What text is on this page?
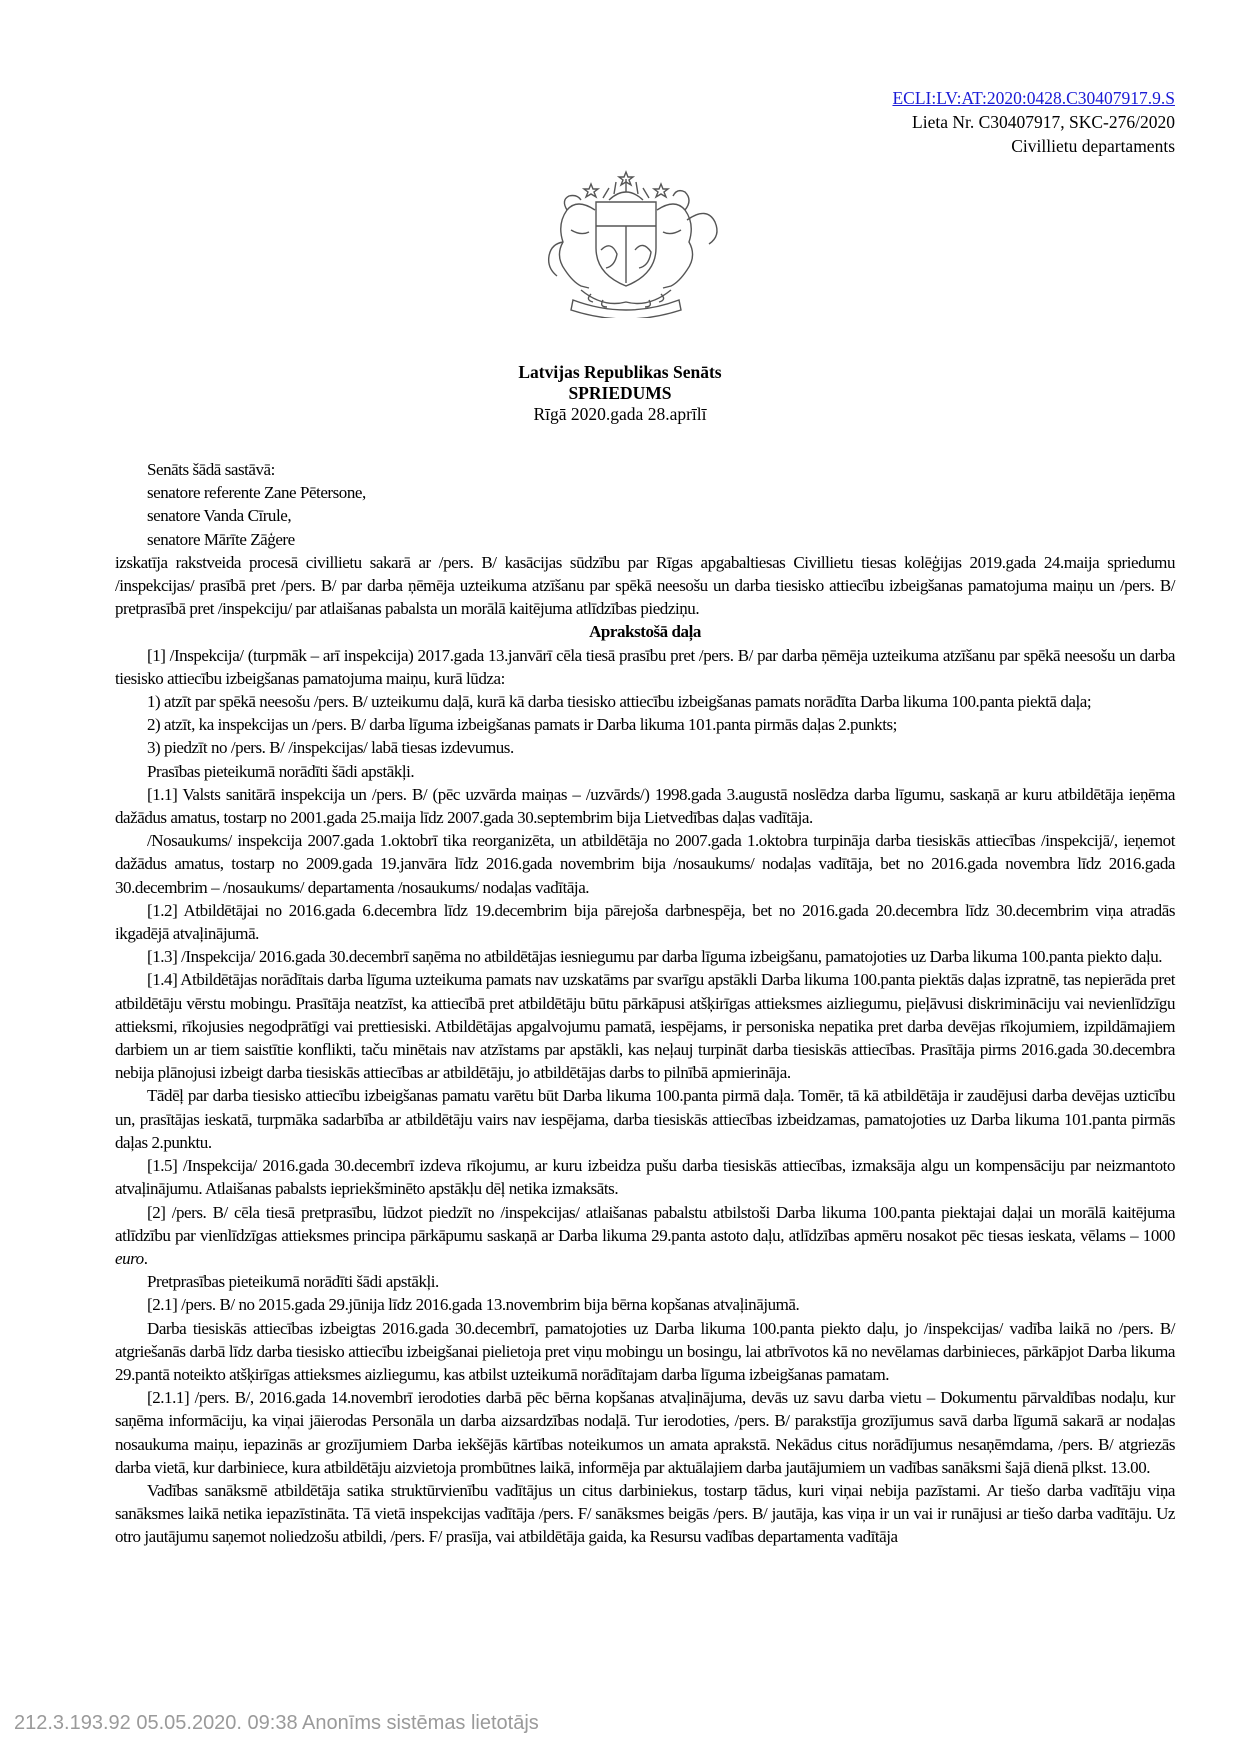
ECLI:LV:AT:2020:0428.C30407917.9.S
Lieta Nr. C30407917, SKC-276/2020
Civillietu departaments
Latvijas Republikas Senāts
SPRIEDUMS
Rīgā 2020.gada 28.aprīlī

Senāts šādā sastāvā:

senatore referente Zane Pētersone,

senatore Vanda Cīrule,

senatore Mārīte Zāģere

izskatīja rakstveida procesā civillietu sakarā ar /pers. B/ kasācijas sūdzību par Rīgas apgabaltiesas Civillietu tiesas kolēģijas 2019.gada 24.maija spriedumu /inspekcijas/ prasībā pret /pers. B/ par darba ņēmēja uzteikuma atzīšanu par spēkā neesošu un darba tiesisko attiecību izbeigšanas pamatojuma maiņu un /pers. B/ pretprasībā pret /inspekciju/ par atlaišanas pabalsta un morālā kaitējuma atlīdzības piedziņu.

Aprakstošā daļa

[1] /Inspekcija/ (turpmāk – arī inspekcija) 2017.gada 13.janvārī cēla tiesā prasību pret /pers. B/ par darba ņēmēja uzteikuma atzīšanu par spēkā neesošu un darba tiesisko attiecību izbeigšanas pamatojuma maiņu, kurā lūdza:

1) atzīt par spēkā neesošu /pers. B/ uzteikumu daļā, kurā kā darba tiesisko attiecību izbeigšanas pamats norādīta Darba likuma 100.panta piektā daļa;

2) atzīt, ka inspekcijas un /pers. B/ darba līguma izbeigšanas pamats ir Darba likuma 101.panta pirmās daļas 2.punkts;

3) piedzīt no /pers. B/ /inspekcijas/ labā tiesas izdevumus.

Prasības pieteikumā norādīti šādi apstākļi.

[1.1] Valsts sanitārā inspekcija un /pers. B/ (pēc uzvārda maiņas – /uzvārds/) 1998.gada 3.augustā noslēdza darba līgumu, saskaņā ar kuru atbildētāja ieņēma dažādus amatus, tostarp no 2001.gada 25.maija līdz 2007.gada 30.septembrim bija Lietvedības daļas vadītāja.

/Nosaukums/ inspekcija 2007.gada 1.oktobrī tika reorganizēta, un atbildētāja no 2007.gada 1.oktobra turpināja darba tiesiskās attiecības /inspekcijā/, ieņemot dažādus amatus, tostarp no 2009.gada 19.janvāra līdz 2016.gada novembrim bija /nosaukums/ nodaļas vadītāja, bet no 2016.gada novembra līdz 2016.gada 30.decembrim – /nosaukums/ departamenta /nosaukums/ nodaļas vadītāja.

[1.2] Atbildētājai no 2016.gada 6.decembra līdz 19.decembrim bija pārejoša darbnespēja, bet no 2016.gada 20.decembra līdz 30.decembrim viņa atradās ikgadējā atvaļinājumā.

[1.3] /Inspekcija/ 2016.gada 30.decembrī saņēma no atbildētājas iesniegumu par darba līguma izbeigšanu, pamatojoties uz Darba likuma 100.panta piekto daļu.

[1.4] Atbildētājas norādītais darba līguma uzteikuma pamats nav uzskatāms par svarīgu apstākli Darba likuma 100.panta piektās daļas izpratnē, tas nepierāda pret atbildētāju vērstu mobingu. Prasītāja neatzīst, ka attiecībā pret atbildētāju būtu pārkāpusi atšķirīgas attieksmes aizliegumu, pieļāvusi diskrimināciju vai nevienlīdzīgu attieksmi, rīkojusies negodprātīgi vai prettiesiski. Atbildētājas apgalvojumu pamatā, iespējams, ir personiska nepatika pret darba devējas rīkojumiem, izpildāmajiem darbiem un ar tiem saistītie konflikti, taču minētais nav atzīstams par apstākli, kas neļauj turpināt darba tiesiskās attiecības. Prasītāja pirms 2016.gada 30.decembra nebija plānojusi izbeigt darba tiesiskās attiecības ar atbildētāju, jo atbildētājas darbs to pilnībā apmierināja.

Tādēļ par darba tiesisko attiecību izbeigšanas pamatu varētu būt Darba likuma 100.panta pirmā daļa. Tomēr, tā kā atbildētāja ir zaudējusi darba devējas uzticību un, prasītājas ieskatā, turpmāka sadarbība ar atbildētāju vairs nav iespējama, darba tiesiskās attiecības izbeidzamas, pamatojoties uz Darba likuma 101.panta pirmās daļas 2.punktu.

[1.5] /Inspekcija/ 2016.gada 30.decembrī izdeva rīkojumu, ar kuru izbeidza pušu darba tiesiskās attiecības, izmaksāja algu un kompensāciju par neizmantoto atvaļinājumu. Atlaišanas pabalsts iepriekšminēto apstākļu dēļ netika izmaksāts.

[2] /pers. B/ cēla tiesā pretprasību, lūdzot piedzīt no /inspekcijas/ atlaišanas pabalstu atbilstoši Darba likuma 100.panta piektajai daļai un morālā kaitējuma atlīdzību par vienlīdzīgas attieksmes principa pārkāpumu saskaņā ar Darba likuma 29.panta astoto daļu, atlīdzības apmēru nosakot pēc tiesas ieskata, vēlams – 1000 euro.

Pretprasības pieteikumā norādīti šādi apstākļi.

[2.1] /pers. B/ no 2015.gada 29.jūnija līdz 2016.gada 13.novembrim bija bērna kopšanas atvaļinājumā.

Darba tiesiskās attiecības izbeigtas 2016.gada 30.decembrī, pamatojoties uz Darba likuma 100.panta piekto daļu, jo /inspekcijas/ vadība laikā no /pers. B/ atgriešanās darbā līdz darba tiesisko attiecību izbeigšanai pielietoja pret viņu mobingu un bosingu, lai atbrīvotos kā no nevēlamas darbinieces, pārkāpjot Darba likuma 29.pantā noteikto atšķirīgas attieksmes aizliegumu, kas atbilst uzteikumā norādītajam darba līguma izbeigšanas pamatam.

[2.1.1] /pers. B/, 2016.gada 14.novembrī ierodoties darbā pēc bērna kopšanas atvaļinājuma, devās uz savu darba vietu – Dokumentu pārvaldības nodaļu, kur saņēma informāciju, ka viņai jāierodas Personāla un darba aizsardzības nodaļā. Tur ierodoties, /pers. B/ parakstīja grozījumus savā darba līgumā sakarā ar nodaļas nosaukuma maiņu, iepazinās ar grozījumiem Darba iekšējās kārtības noteikumos un amata aprakstā. Nekādus citus norādījumus nesaņēmdama, /pers. B/ atgriezās darba vietā, kur darbiniece, kura atbildētāju aizvietoja prombūtnes laikā, informēja par aktuālajiem darba jautājumiem un vadības sanāksmi šajā dienā plkst. 13.00.

Vadības sanāksmē atbildētāja satika struktūrvienību vadītājus un citus darbiniekus, tostarp tādus, kuri viņai nebija pazīstami. Ar tiešo darba vadītāju viņa sanāksmes laikā netika iepazīstināta. Tā vietā inspekcijas vadītāja /pers. F/ sanāksmes beigās /pers. B/ jautāja, kas viņa ir un vai ir runājusi ar tiešo darba vadītāju. Uz otro jautājumu saņemot noliedzošu atbildi, /pers. F/ prasīja, vai atbildētāja gaida, ka Resursu vadības departamenta vadītāja

212.3.193.92 05.05.2020. 09:38 Anonīms sistēmas lietotājs
